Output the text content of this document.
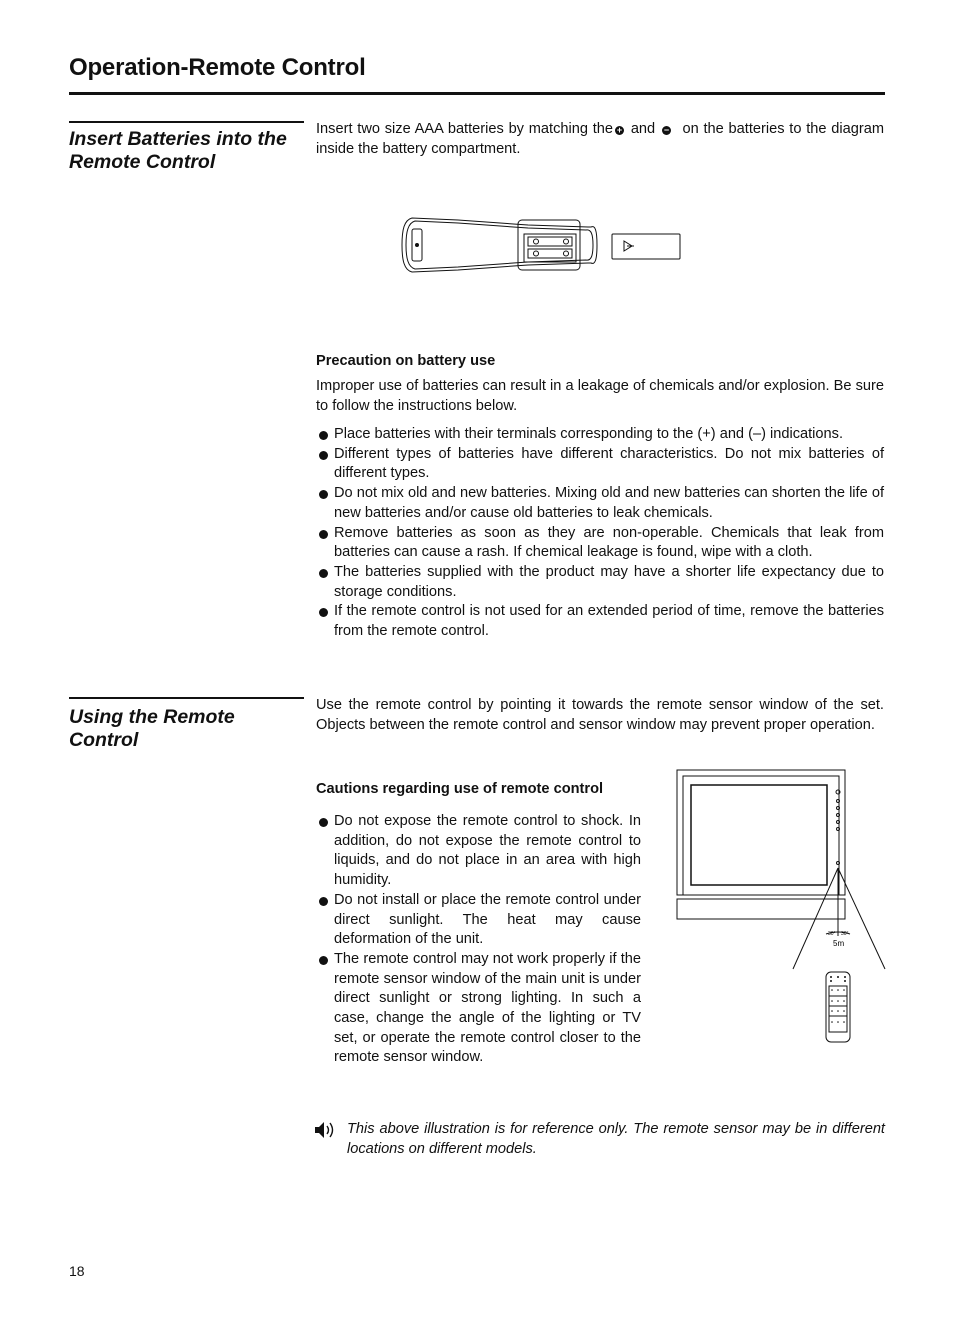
Operation-Remote Control
Insert Batteries into the Remote Control
Insert two size AAA batteries by matching the + and − on the batteries to the diagram inside the battery compartment.
Precaution on battery use
Improper use of batteries can result in a leakage of chemicals and/or explosion. Be sure to follow the instructions below.
Place batteries with their terminals corresponding to the (+) and (–) indications.
Different types of batteries have different characteristics. Do not mix batteries of different types.
Do not mix old and new batteries. Mixing old and new batteries can shorten the life of new batteries and/or cause old batteries to leak chemicals.
Remove batteries as soon as they are non-operable. Chemicals that leak from batteries can cause a rash. If chemical leakage is found, wipe with a cloth.
The batteries supplied with the product may have a shorter life expectancy due to storage conditions.
If the remote control is not used for an extended period of time, remove the batteries from the remote control.
Using the Remote Control
Use the remote control by pointing it towards the remote sensor window of the set. Objects between the remote control and sensor window may prevent proper operation.
Cautions regarding use of remote control
Do not expose the remote control to shock. In addition, do not expose the remote control to liquids, and do not place in an area with high humidity.
Do not install or place the remote control under direct sunlight. The heat may cause deformation of the unit.
The remote control may not work properly if the remote sensor window of the main unit is under direct sunlight or strong lighting. In such a case, change the angle of the lighting or TV set, or operate the remote control closer to the remote sensor window.
30° 30°
5m
This above illustration is for reference only. The remote sensor may be in different locations on different models.
18
